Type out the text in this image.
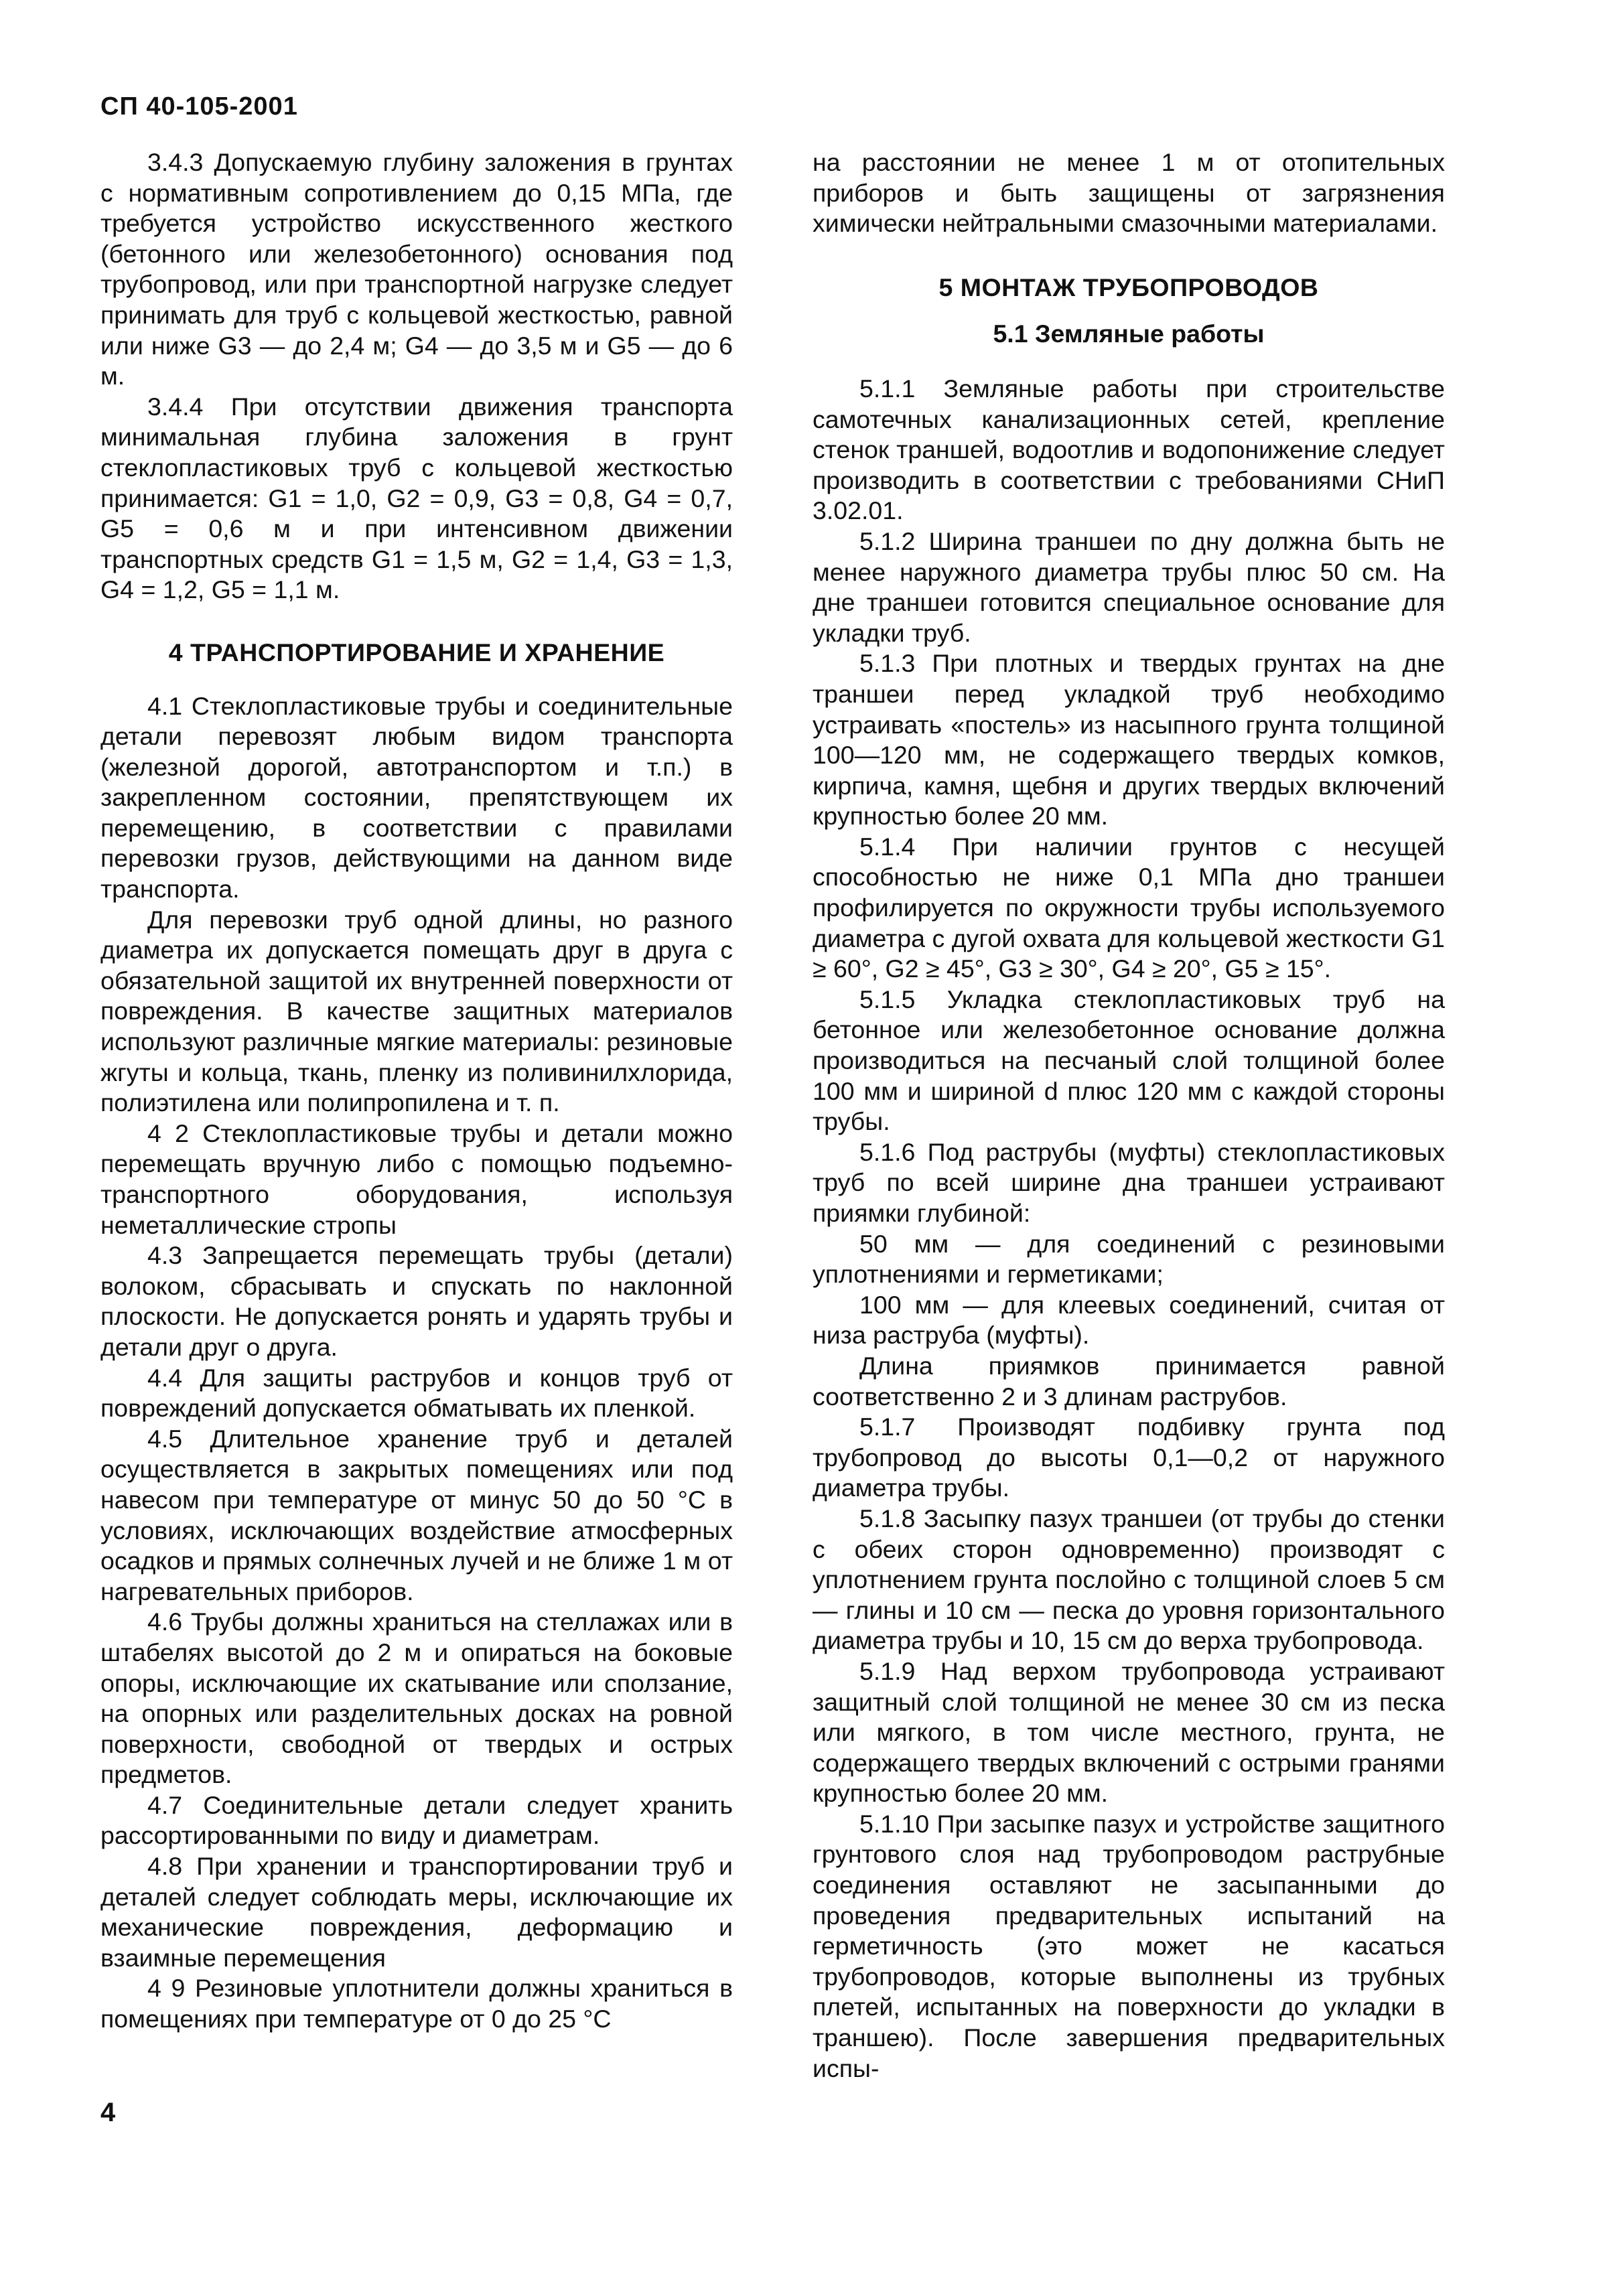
СП 40-105-2001

3.4.3 Допускаемую глубину заложения в грунтах с нормативным сопротивлением до 0,15 МПа, где требуется устройство искусственного жесткого (бетонного или железобетонного) основания под трубопровод, или при транспортной нагрузке следует принимать для труб с кольцевой жесткостью, равной или ниже G3 — до 2,4 м; G4 — до 3,5 м и G5 — до 6 м.

3.4.4 При отсутствии движения транспорта минимальная глубина заложения в грунт стеклопластиковых труб с кольцевой жесткостью принимается: G1 = 1,0, G2 = 0,9, G3 = 0,8, G4 = 0,7, G5 = 0,6 м и при интенсивном движении транспортных средств G1 = 1,5 м, G2 = 1,4, G3 = 1,3, G4 = 1,2, G5 = 1,1 м.

4 ТРАНСПОРТИРОВАНИЕ И ХРАНЕНИЕ

4.1 Стеклопластиковые трубы и соединительные детали перевозят любым видом транспорта (железной дорогой, автотранспортом и т.п.) в закрепленном состоянии, препятствующем их перемещению, в соответствии с правилами перевозки грузов, действующими на данном виде транспорта.

Для перевозки труб одной длины, но разного диаметра их допускается помещать друг в друга с обязательной защитой их внутренней поверхности от повреждения. В качестве защитных материалов используют различные мягкие материалы: резиновые жгуты и кольца, ткань, пленку из поливинилхлорида, полиэтилена или полипропилена и т. п.

4 2 Стеклопластиковые трубы и детали можно перемещать вручную либо с помощью подъемно-транспортного оборудования, используя неметаллические стропы

4.3 Запрещается перемещать трубы (детали) волоком, сбрасывать и спускать по наклонной плоскости. Не допускается ронять и ударять трубы и детали друг о друга.

4.4 Для защиты раструбов и концов труб от повреждений допускается обматывать их пленкой.

4.5 Длительное хранение труб и деталей осуществляется в закрытых помещениях или под навесом при температуре от минус 50 до 50 °С в условиях, исключающих воздействие атмосферных осадков и прямых солнечных лучей и не ближе 1 м от нагревательных приборов.

4.6 Трубы должны храниться на стеллажах или в штабелях высотой до 2 м и опираться на боковые опоры, исключающие их скатывание или сползание, на опорных или разделительных досках на ровной поверхности, свободной от твердых и острых предметов.

4.7 Соединительные детали следует хранить рассортированными по виду и диаметрам.

4.8 При хранении и транспортировании труб и деталей следует соблюдать меры, исключающие их механические повреждения, деформацию и взаимные перемещения

4 9 Резиновые уплотнители должны храниться в помещениях при температуре от 0 до 25 °С

на расстоянии не менее 1 м от отопительных приборов и быть защищены от загрязнения химически нейтральными смазочными материалами.

5 МОНТАЖ ТРУБОПРОВОДОВ
5.1 Земляные работы

5.1.1 Земляные работы при строительстве самотечных канализационных сетей, крепление стенок траншей, водоотлив и водопонижение следует производить в соответствии с требованиями СНиП 3.02.01.

5.1.2 Ширина траншеи по дну должна быть не менее наружного диаметра трубы плюс 50 см. На дне траншеи готовится специальное основание для укладки труб.

5.1.3 При плотных и твердых грунтах на дне траншеи перед укладкой труб необходимо устраивать «постель» из насыпного грунта толщиной 100—120 мм, не содержащего твердых комков, кирпича, камня, щебня и других твердых включений крупностью более 20 мм.

5.1.4 При наличии грунтов с несущей способностью не ниже 0,1 МПа дно траншеи профилируется по окружности трубы используемого диаметра с дугой охвата для кольцевой жесткости G1 ≥ 60°, G2 ≥ 45°, G3 ≥ 30°, G4 ≥ 20°, G5 ≥ 15°.

5.1.5 Укладка стеклопластиковых труб на бетонное или железобетонное основание должна производиться на песчаный слой толщиной более 100 мм и шириной d плюс 120 мм с каждой стороны трубы.

5.1.6 Под раструбы (муфты) стеклопластиковых труб по всей ширине дна траншеи устраивают приямки глубиной:

50 мм — для соединений с резиновыми уплотнениями и герметиками;

100 мм — для клеевых соединений, считая от низа раструба (муфты).

Длина приямков принимается равной соответственно 2 и 3 длинам раструбов.

5.1.7 Производят подбивку грунта под трубопровод до высоты 0,1—0,2 от наружного диаметра трубы.

5.1.8 Засыпку пазух траншеи (от трубы до стенки с обеих сторон одновременно) производят с уплотнением грунта послойно с толщиной слоев 5 см — глины и 10 см — песка до уровня горизонтального диаметра трубы и 10, 15 см до верха трубопровода.

5.1.9 Над верхом трубопровода устраивают защитный слой толщиной не менее 30 см из песка или мягкого, в том числе местного, грунта, не содержащего твердых включений с острыми гранями крупностью более 20 мм.

5.1.10 При засыпке пазух и устройстве защитного грунтового слоя над трубопроводом раструбные соединения оставляют не засыпанными до проведения предварительных испытаний на герметичность (это может не касаться трубопроводов, которые выполнены из трубных плетей, испытанных на поверхности до укладки в траншею). После завершения предварительных испы-

4
